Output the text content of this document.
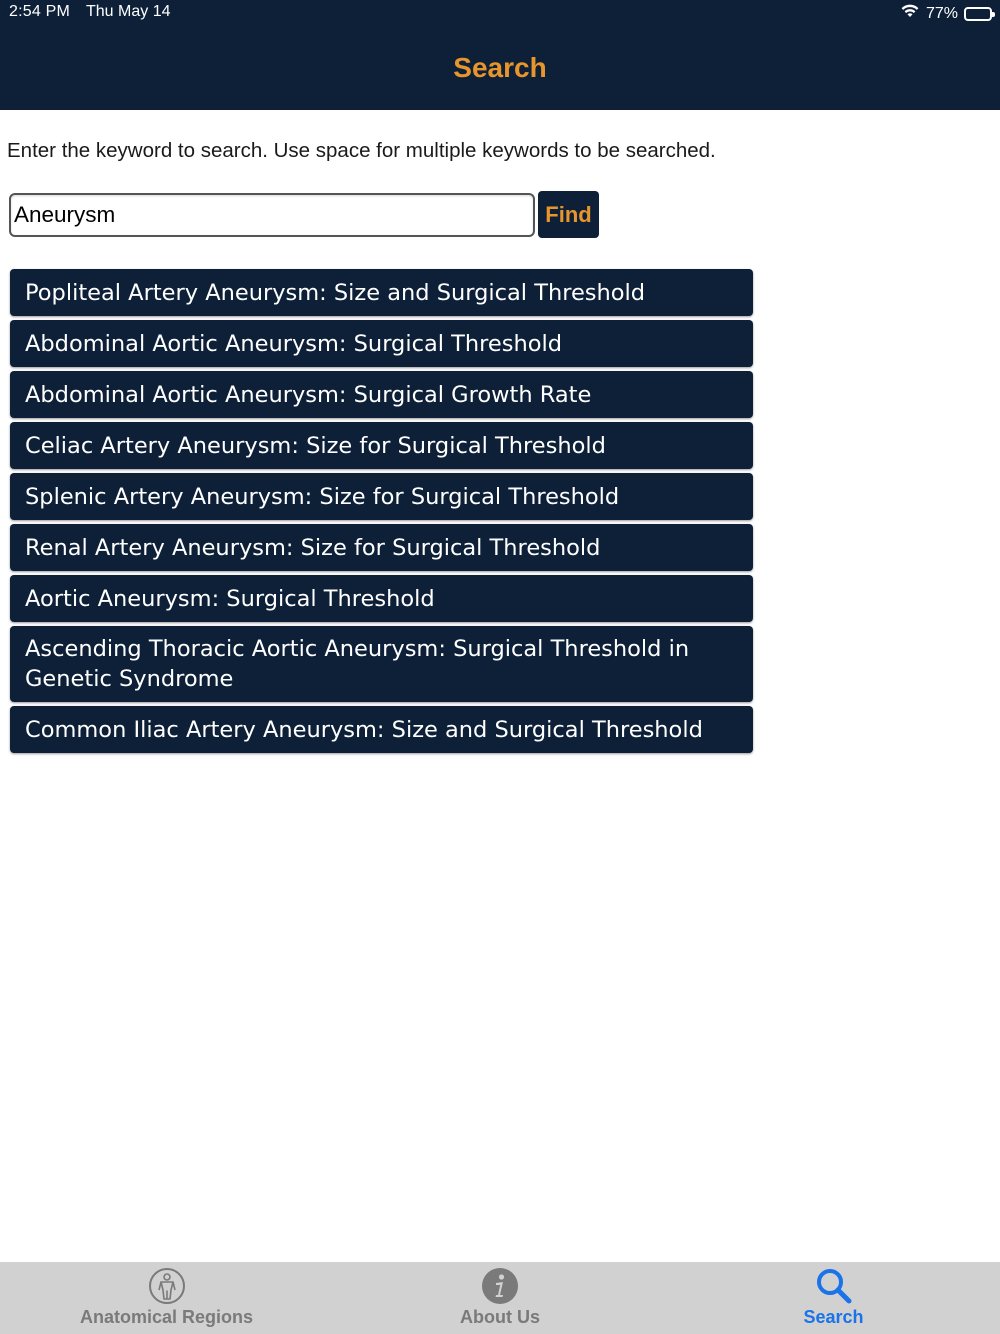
2:54 PM Thu May 14	77%
Search
Enter the keyword to search. Use space for multiple keywords to be searched.
Aneurysm
Find
Popliteal Artery Aneurysm: Size and Surgical Threshold
Abdominal Aortic Aneurysm: Surgical Threshold
Abdominal Aortic Aneurysm: Surgical Growth Rate
Celiac Artery Aneurysm: Size for Surgical Threshold
Splenic Artery Aneurysm: Size for Surgical Threshold
Renal Artery Aneurysm: Size for Surgical Threshold
Aortic Aneurysm: Surgical Threshold
Ascending Thoracic Aortic Aneurysm: Surgical Threshold in Genetic Syndrome
Common Iliac Artery Aneurysm: Size and Surgical Threshold
Anatomical Regions	About Us	Search
